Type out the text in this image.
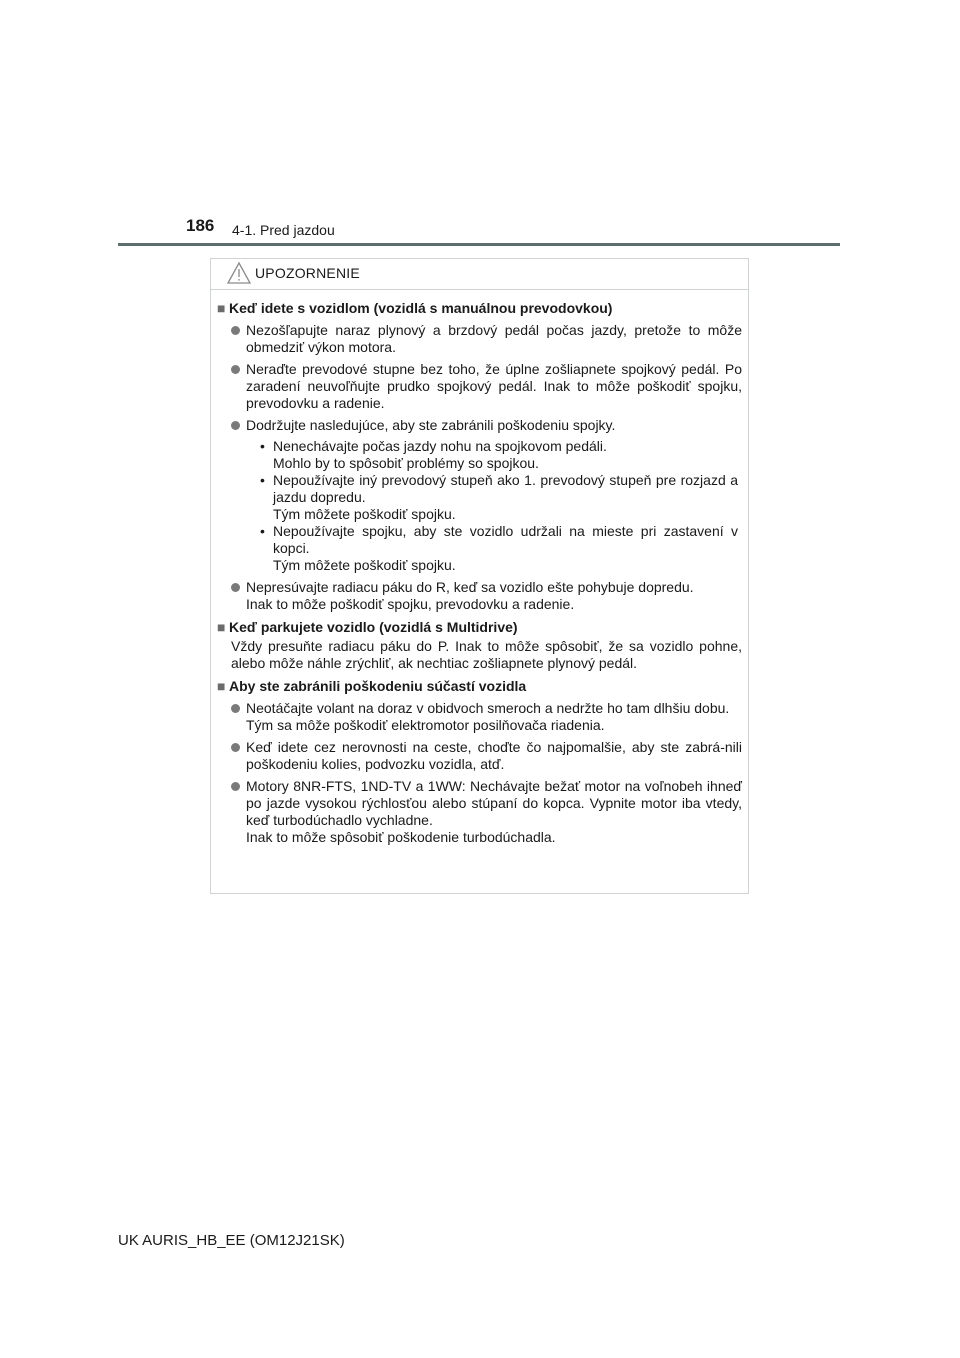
186 4-1. Pred jazdou
UPOZORNENIE
■ Keď idete s vozidlom (vozidlá s manuálnou prevodovkou)
Nezošľapujte naraz plynový a brzdový pedál počas jazdy, pretože to môže obmedziť výkon motora.
Neraďte prevodové stupne bez toho, že úplne zošliapnete spojkový pedál. Po zaradení neuvoľňujte prudko spojkový pedál. Inak to môže poškodiť spojku, prevodovku a radenie.
Dodržujte nasledujúce, aby ste zabránili poškodeniu spojky.
• Nenechávajte počas jazdy nohu na spojkovom pedáli.
Mohlo by to spôsobiť problémy so spojkou.
• Nepoužívajte iný prevodový stupeň ako 1. prevodový stupeň pre rozjazd a jazdu dopredu.
Tým môžete poškodiť spojku.
• Nepoužívajte spojku, aby ste vozidlo udržali na mieste pri zastavení v kopci.
Tým môžete poškodiť spojku.
Nepresúvajte radiacu páku do R, keď sa vozidlo ešte pohybuje dopredu.
Inak to môže poškodiť spojku, prevodovku a radenie.
■ Keď parkujete vozidlo (vozidlá s Multidrive)
Vždy presuňte radiacu páku do P. Inak to môže spôsobiť, že sa vozidlo pohne, alebo môže náhle zrýchliť, ak nechtiac zošliapnete plynový pedál.
■ Aby ste zabránili poškodeniu súčastí vozidla
Neotáčajte volant na doraz v obidvoch smeroch a nedržte ho tam dlhšiu dobu.
Tým sa môže poškodiť elektromotor posilňovača riadenia.
Keď idete cez nerovnosti na ceste, choďte čo najpomalšie, aby ste zabrá-nili poškodeniu kolies, podvozku vozidla, atď.
Motory 8NR-FTS, 1ND-TV a 1WW: Nechávajte bežať motor na voľnobeh ihneď po jazde vysokou rýchlosťou alebo stúpaní do kopca. Vypnite motor iba vtedy, keď turbodúchadlo vychladne.
Inak to môže spôsobiť poškodenie turbodúchadla.
UK AURIS_HB_EE (OM12J21SK)
